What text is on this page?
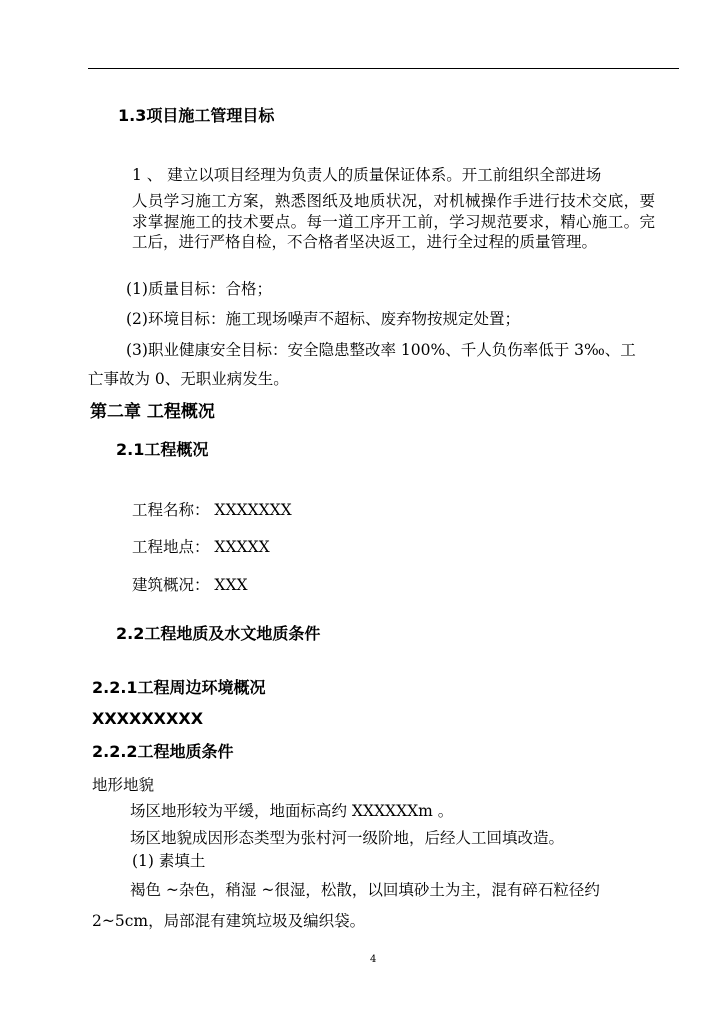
1.3项目施工管理目标
1 、 建立以项目经理为负责人的质量保证体系。开工前组织全部进场
人员学习施工方案，熟悉图纸及地质状况，对机械操作手进行技术交底，要求掌握施工的技术要点。每一道工序开工前，学习规范要求，精心施工。完工后，进行严格自检，不合格者坚决返工，进行全过程的质量管理。
(1)质量目标：合格；
(2)环境目标：施工现场噪声不超标、废弃物按规定处置；
(3)职业健康安全目标：安全隐患整改率 100%、千人负伤率低于 3‰、工
亡事故为 0、无职业病发生。
第二章 工程概况
2.1工程概况
工程名称： XXXXXXX
工程地点： XXXXX
建筑概况： XXX
2.2工程地质及水文地质条件
2.2.1工程周边环境概况
XXXXXXXXX
2.2.2工程地质条件
地形地貌
场区地形较为平缓，地面标高约 XXXXXXm 。
场区地貌成因形态类型为张村河一级阶地，后经人工回填改造。
(1) 素填土
褐色 ~杂色，稍湿 ~很湿，松散，以回填砂土为主，混有碎石粒径约
2~5cm，局部混有建筑垃圾及编织袋。
4
